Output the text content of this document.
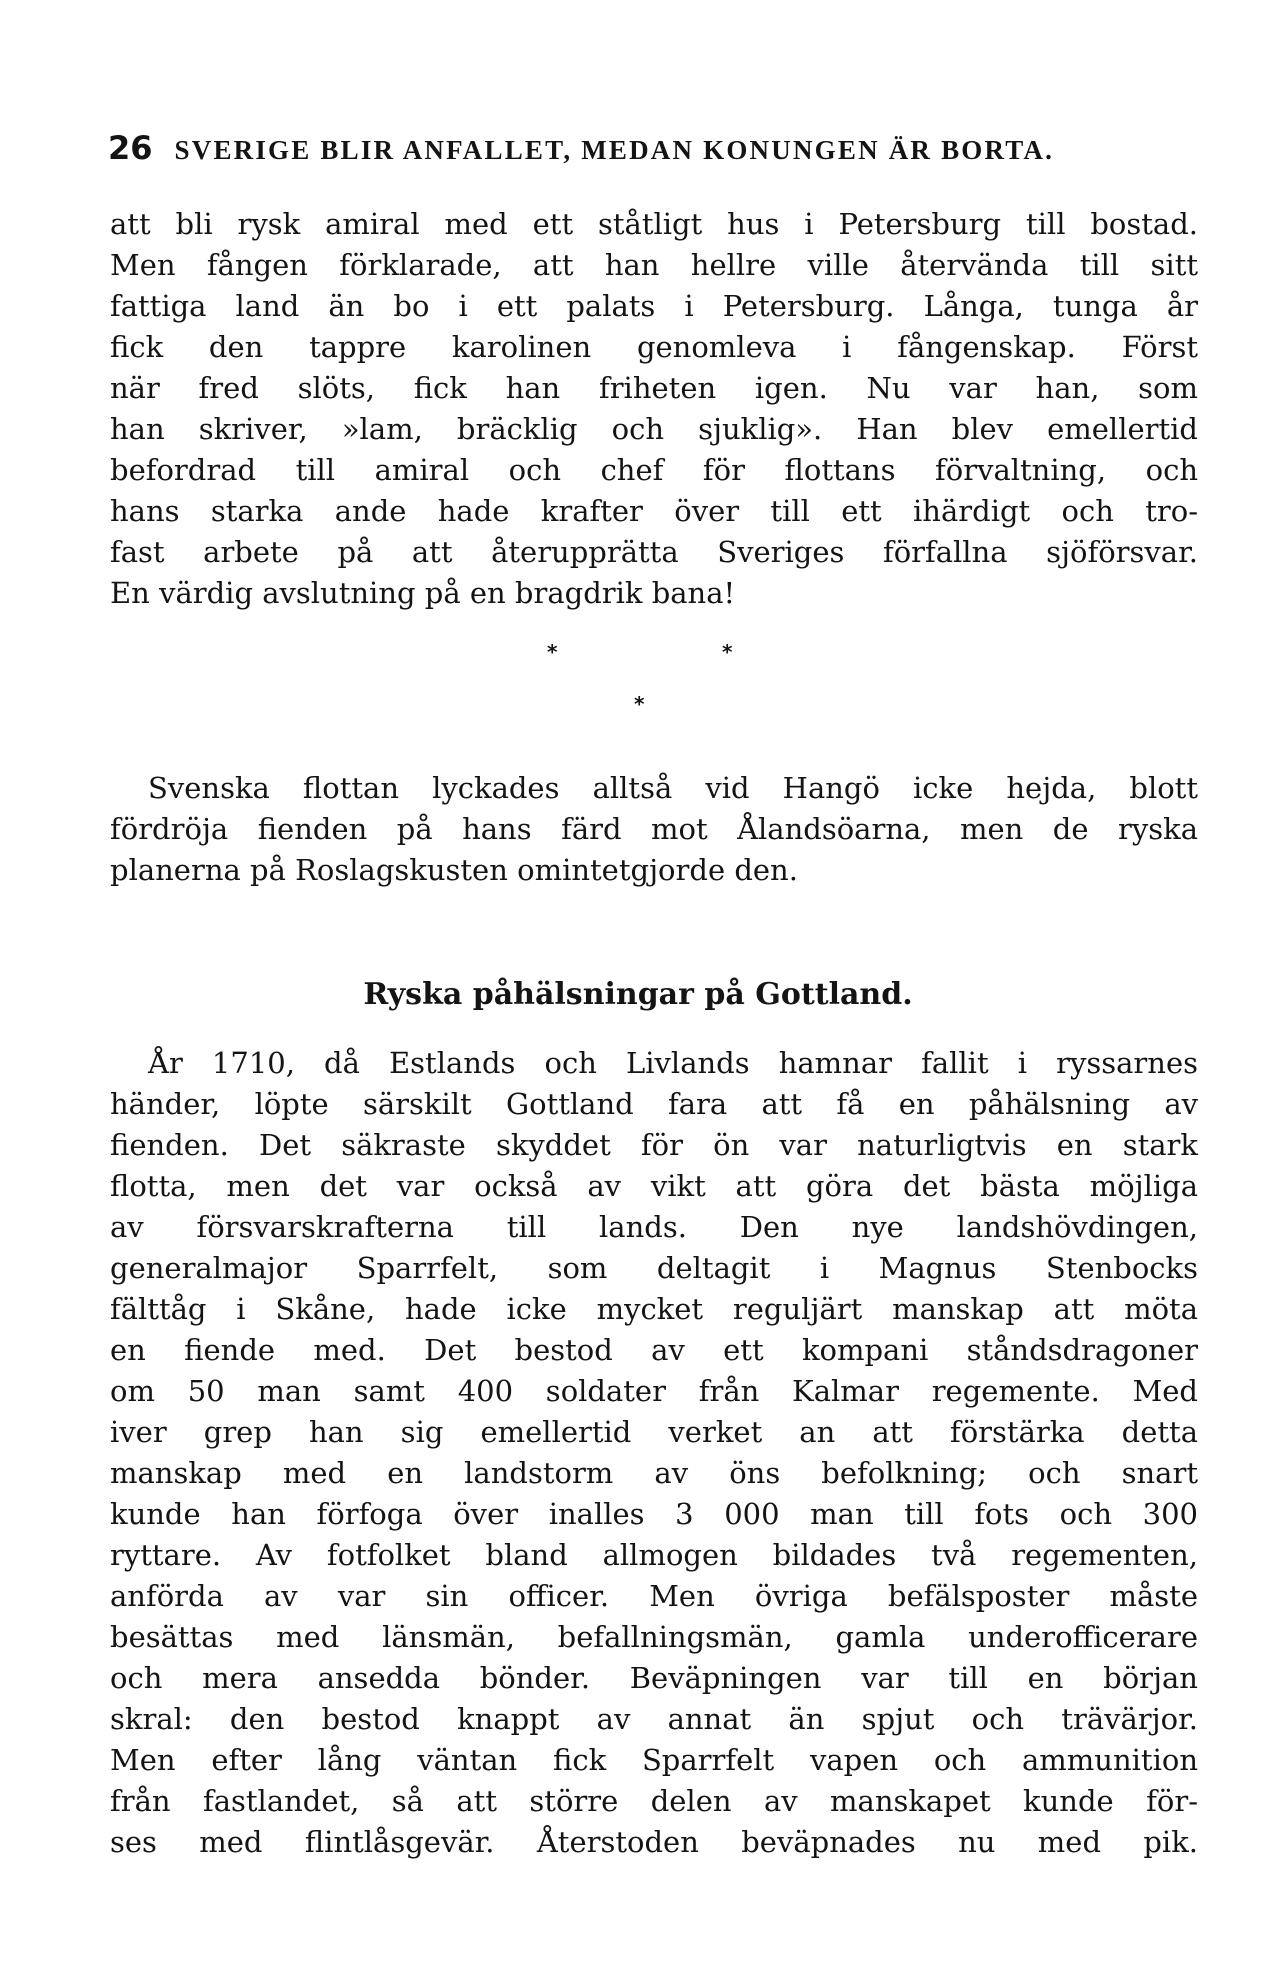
26 SVERIGE BLIR ANFALLET, MEDAN KONUNGEN ÄR BORTA.
att bli rysk amiral med ett ståtligt hus i Petersburg till bostad.
Men fången förklarade, att han hellre ville återvända till sitt
fattiga land än bo i ett palats i Petersburg. Långa, tunga år
fick den tappre karolinen genomleva i fångenskap. Först
när fred slöts, fick han friheten igen. Nu var han, som
han skriver, »lam, bräcklig och sjuklig». Han blev emellertid
befordrad till amiral och chef för flottans förvaltning, och
hans starka ande hade krafter över till ett ihärdigt och tro-
fast arbete på att återupprätta Sveriges förfallna sjöförsvar.
En värdig avslutning på en bragdrik bana!
*	*
*
Svenska flottan lyckades alltså vid Hangö icke hejda, blott
fördröja fienden på hans färd mot Ålandsöarna, men de ryska
planerna på Roslagskusten omintetgjorde den.
Ryska påhälsningar på Gottland.
År 1710, då Estlands och Livlands hamnar fallit i ryssarnes
händer, löpte särskilt Gottland fara att få en påhälsning av
fienden. Det säkraste skyddet för ön var naturligtvis en stark
flotta, men det var också av vikt att göra det bästa möjliga
av försvarskrafterna till lands. Den nye landshövdingen,
generalmajor Sparrfelt, som deltagit i Magnus Stenbocks
fälttåg i Skåne, hade icke mycket reguljärt manskap att möta
en fiende med. Det bestod av ett kompani ståndsdragoner
om 50 man samt 400 soldater från Kalmar regemente. Med
iver grep han sig emellertid verket an att förstärka detta
manskap med en landstorm av öns befolkning; och snart
kunde han förfoga över inalles 3 000 man till fots och 300
ryttare. Av fotfolket bland allmogen bildades två regementen,
anförda av var sin officer. Men övriga befälsposter måste
besättas med länsmän, befallningsmän, gamla underofficerare
och mera ansedda bönder. Beväpningen var till en början
skral: den bestod knappt av annat än spjut och trävärjor.
Men efter lång väntan fick Sparrfelt vapen och ammunition
från fastlandet, så att större delen av manskapet kunde för-
ses med flintlåsgevär. Återstoden beväpnades nu med pik.
